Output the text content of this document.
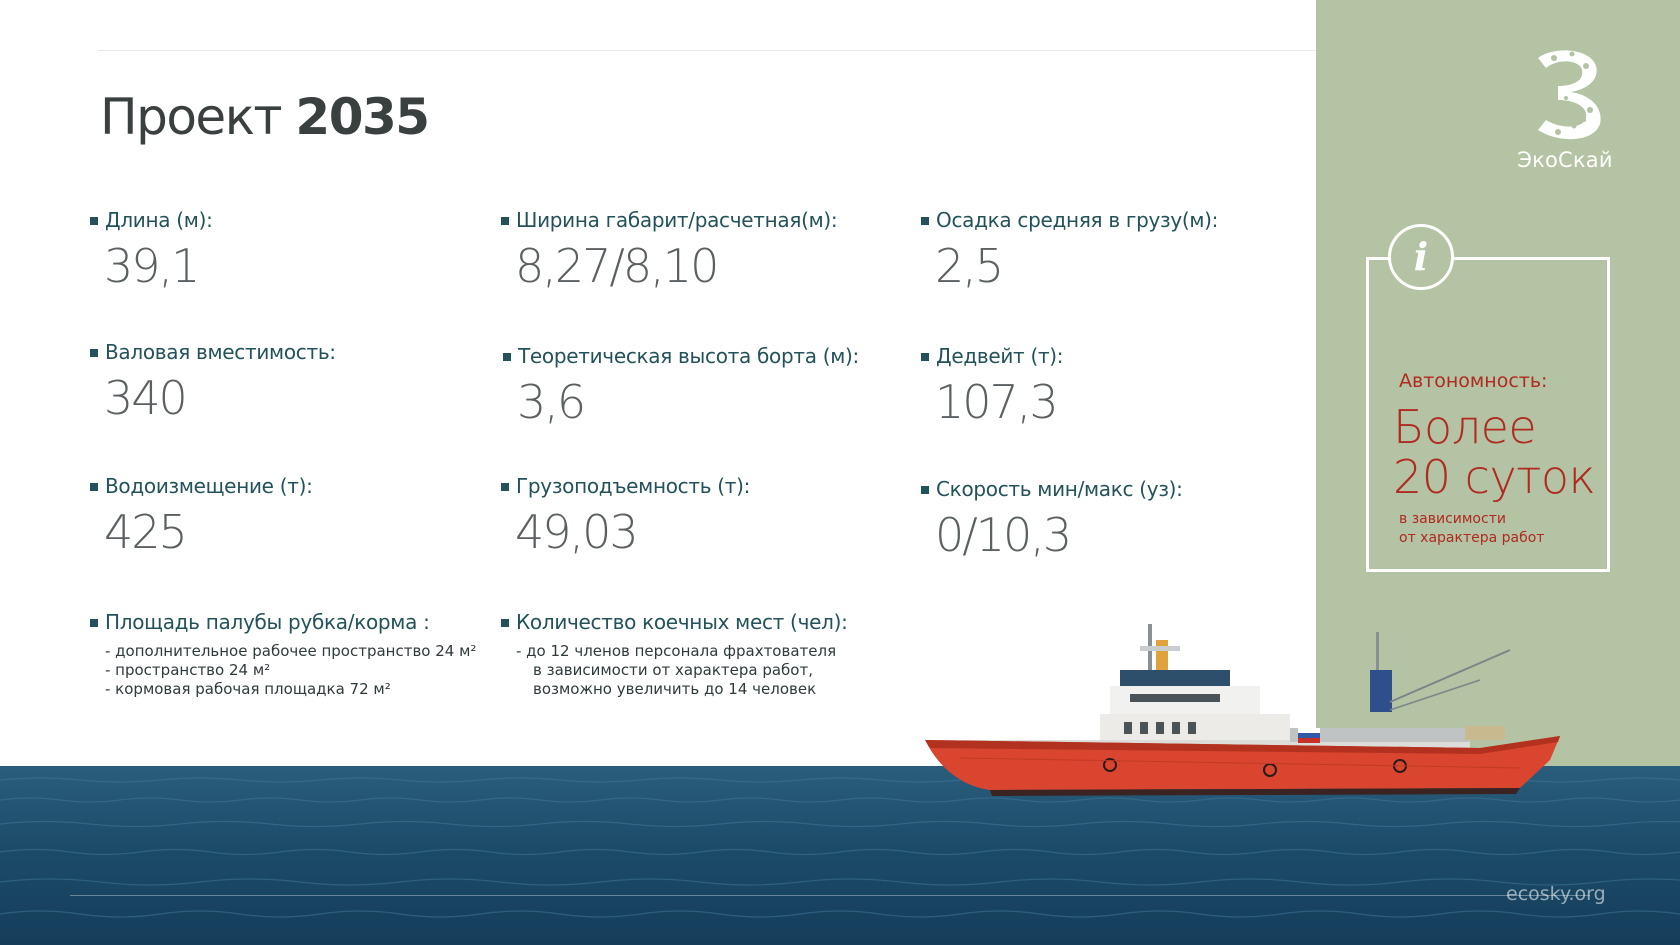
ЭкоСкай
i
Автономность:
Более
20 суток
в зависимости
от характера работ
Проект 2035
Длина (м):
39,1
Валовая вместимость:
340
Водоизмещение (т):
425
Площадь палубы рубка/корма :
- дополнительное рабочее пространство 24 м²
- пространство 24 м²
- кормовая рабочая площадка 72 м²
Ширина габарит/расчетная(м):
8,27/8,10
Теоретическая высота борта (м):
3,6
Грузоподъемность (т):
49,03
Количество коечных мест (чел):
- до 12 членов персонала фрахтователя
в зависимости от характера работ,
возможно увеличить до 14 человек
Осадка средняя в грузу(м):
2,5
Дедвейт (т):
107,3
Скорость мин/макс (уз):
0/10,3
ecosky.org
